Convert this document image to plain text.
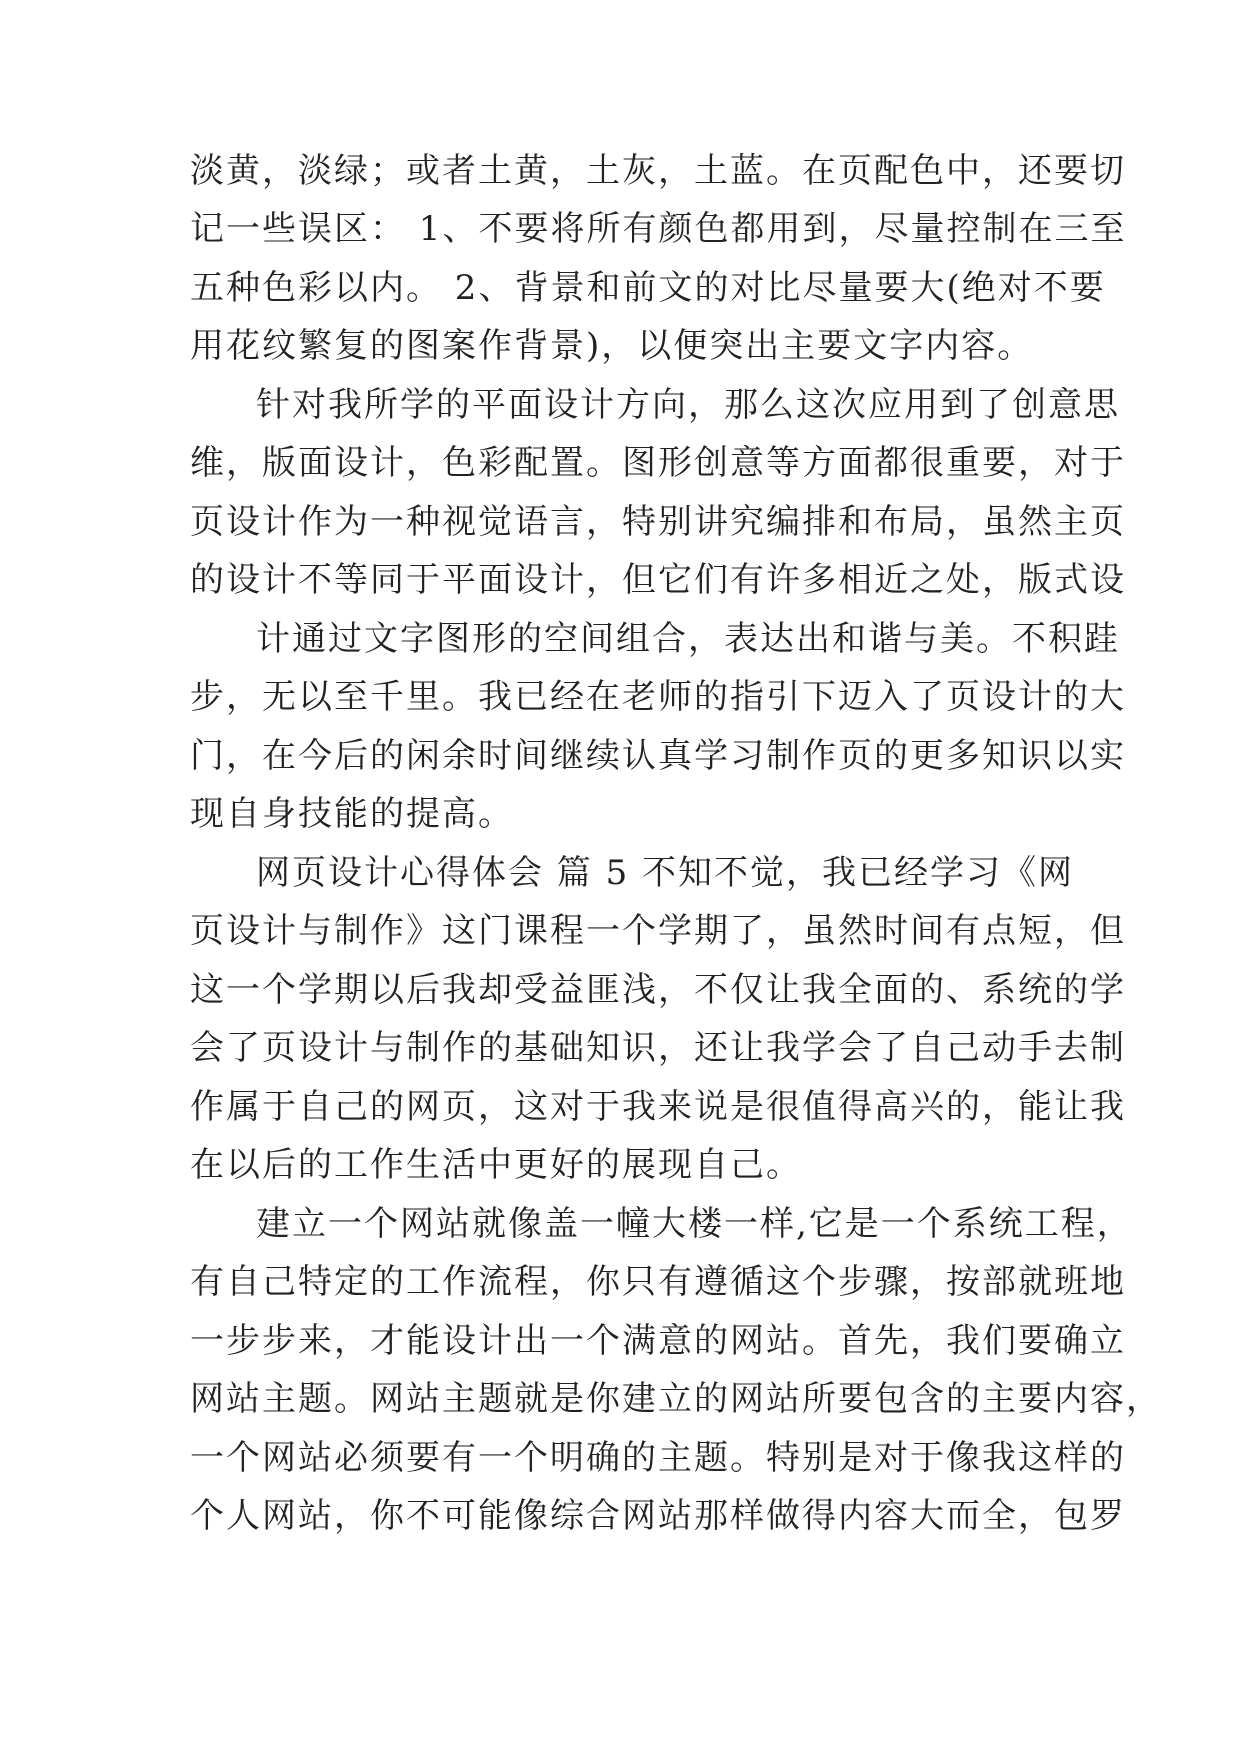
淡黄，淡绿；或者土黄，土灰，土蓝。在页配色中，还要切
记一些误区： 1、不要将所有颜色都用到，尽量控制在三至
五种色彩以内。 2、背景和前文的对比尽量要大(绝对不要
用花纹繁复的图案作背景)，以便突出主要文字内容。
针对我所学的平面设计方向，那么这次应用到了创意思
维，版面设计，色彩配置。图形创意等方面都很重要，对于
页设计作为一种视觉语言，特别讲究编排和布局，虽然主页
的设计不等同于平面设计，但它们有许多相近之处，版式设
计通过文字图形的空间组合，表达出和谐与美。不积跬
步，无以至千里。我已经在老师的指引下迈入了页设计的大
门，在今后的闲余时间继续认真学习制作页的更多知识以实
现自身技能的提高。
网页设计心得体会 篇 5 不知不觉，我已经学习《网
页设计与制作》这门课程一个学期了，虽然时间有点短，但
这一个学期以后我却受益匪浅，不仅让我全面的、系统的学
会了页设计与制作的基础知识，还让我学会了自己动手去制
作属于自己的网页，这对于我来说是很值得高兴的，能让我
在以后的工作生活中更好的展现自己。
建立一个网站就像盖一幢大楼一样,它是一个系统工程，
有自己特定的工作流程，你只有遵循这个步骤，按部就班地
一步步来，才能设计出一个满意的网站。首先，我们要确立
网站主题。网站主题就是你建立的网站所要包含的主要内容，
一个网站必须要有一个明确的主题。特别是对于像我这样的
个人网站，你不可能像综合网站那样做得内容大而全，包罗
